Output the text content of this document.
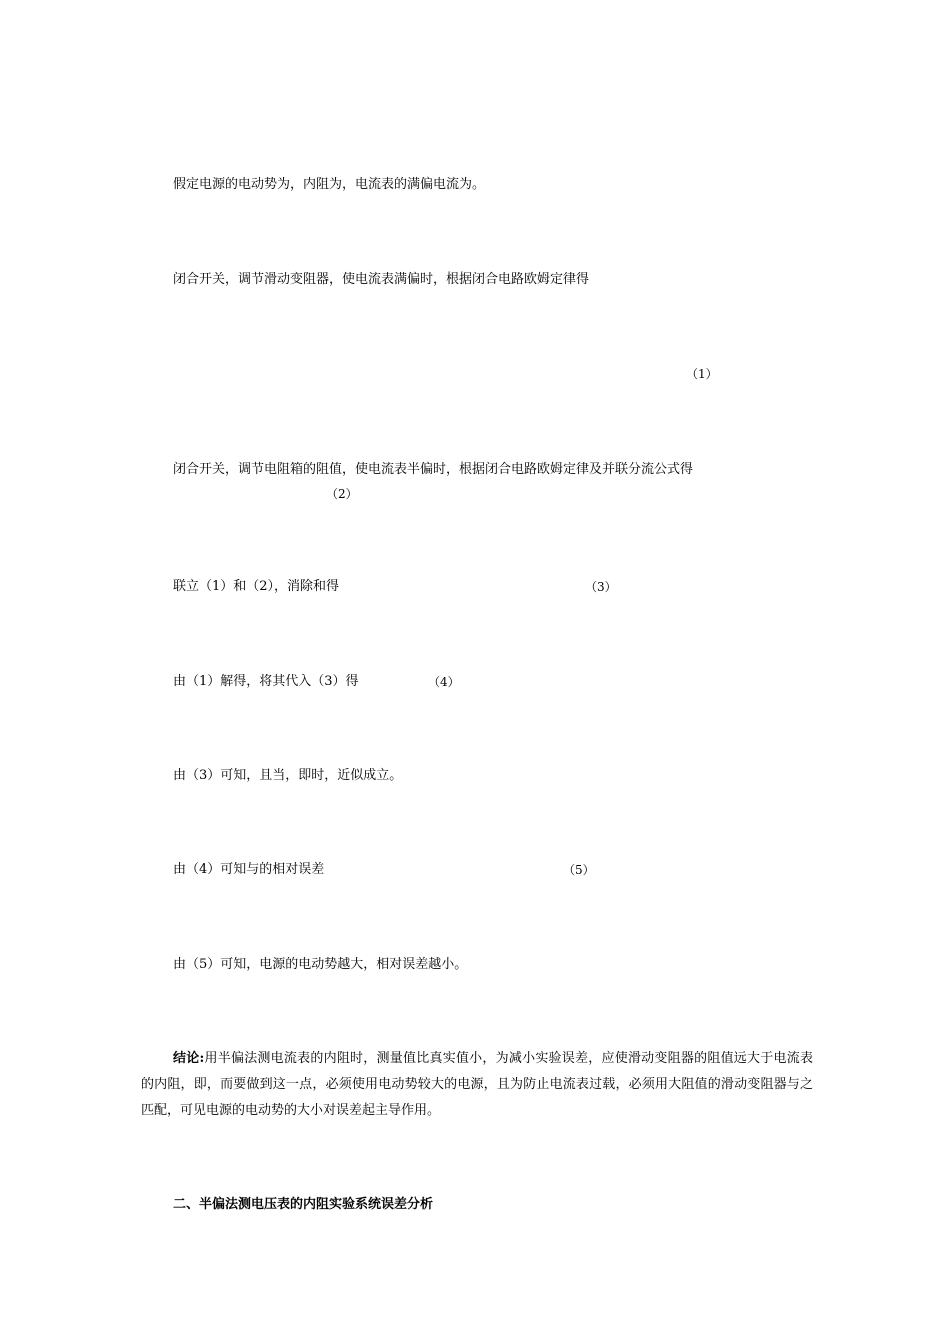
假定电源的电动势为，内阻为，电流表的满偏电流为。
闭合开关，调节滑动变阻器，使电流表满偏时，根据闭合电路欧姆定律得
（1）
闭合开关，调节电阻箱的阻值，使电流表半偏时，根据闭合电路欧姆定律及并联分流公式得
（2）
联立（1）和（2），消除和得	（3）
由（1）解得，将其代入（3）得	（4）
由（3）可知，且当，即时，近似成立。
由（4）可知与的相对误差	（5）
由（5）可知，电源的电动势越大，相对误差越小。
结论:用半偏法测电流表的内阻时，测量值比真实值小，为减小实验误差，应使滑动变阻器的阻值远大于电流表的内阻，即，而要做到这一点，必须使用电动势较大的电源，且为防止电流表过载，必须用大阻值的滑动变阻器与之匹配，可见电源的电动势的大小对误差起主导作用。
二、半偏法测电压表的内阻实验系统误差分析
